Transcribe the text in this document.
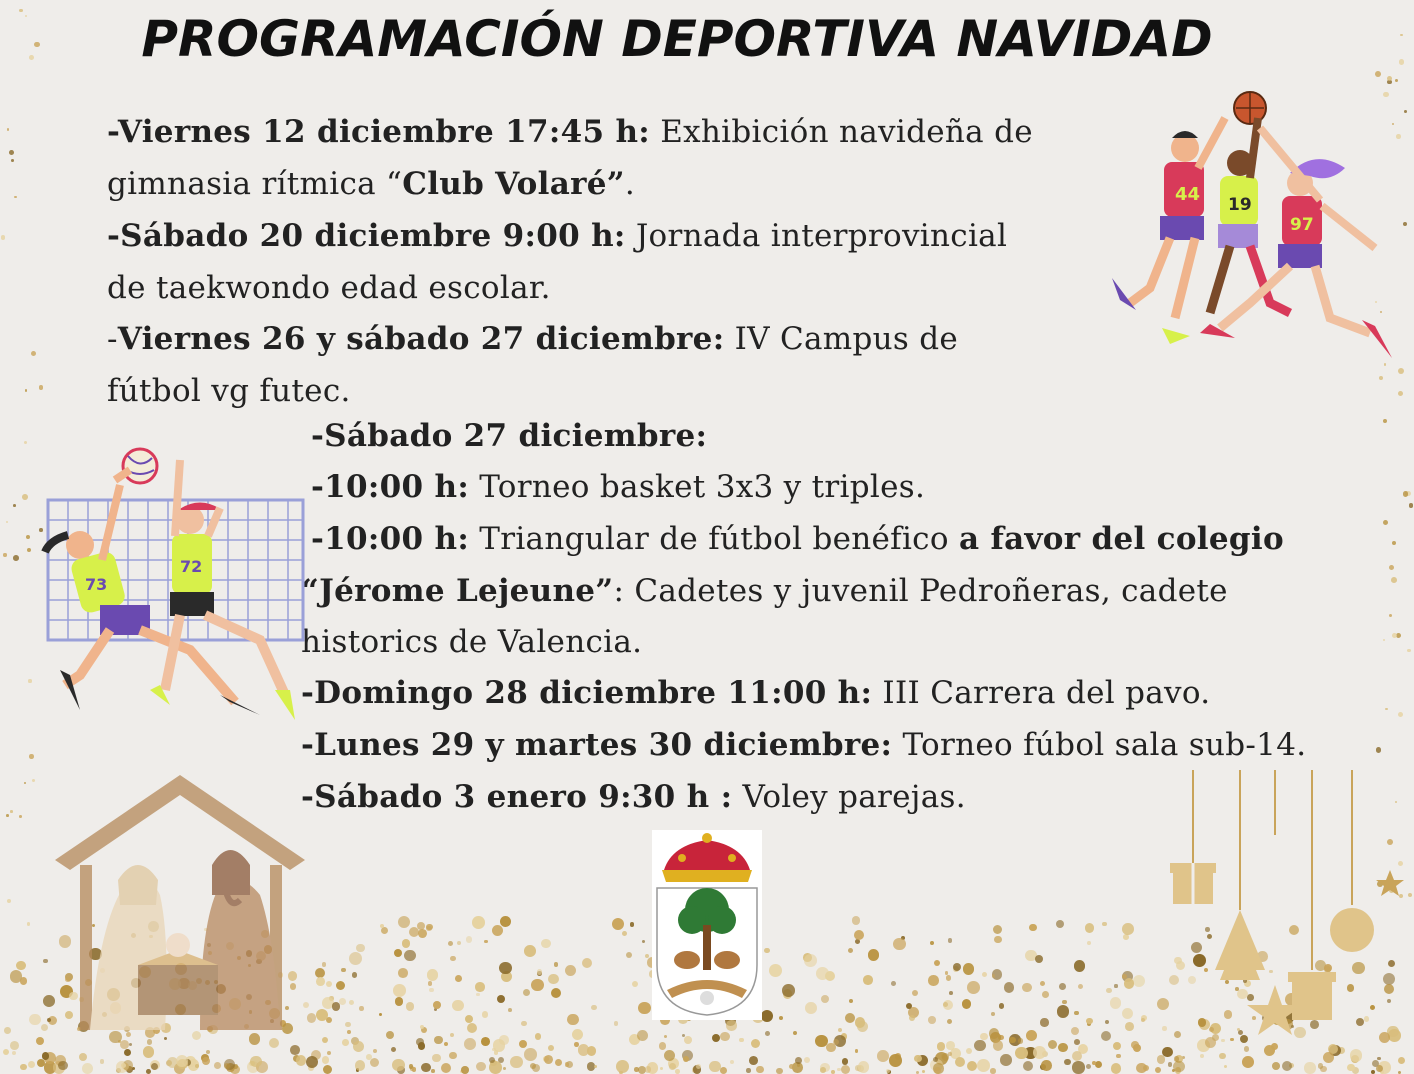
PROGRAMACIÓN DEPORTIVA NAVIDAD
-Viernes 12 diciembre 17:45 h: Exhibición navideña de
gimnasia rítmica “Club Volaré”.
-Sábado 20 diciembre 9:00 h: Jornada interprovincial
de taekwondo edad escolar.
-Viernes 26 y sábado 27 diciembre: IV Campus de
fútbol vg futec.
-Sábado 27 diciembre:
-10:00 h: Torneo basket 3x3 y triples.
-10:00 h: Triangular de fútbol benéfico a favor del colegio
“Jérome Lejeune”: Cadetes y juvenil Pedroñeras, cadete
historics de Valencia.
-Domingo 28 diciembre 11:00 h: III Carrera del pavo.
-Lunes 29 y martes 30 diciembre: Torneo fúbol sala sub-14.
-Sábado 3 enero 9:30 h : Voley parejas.
44 19
97
73
72
